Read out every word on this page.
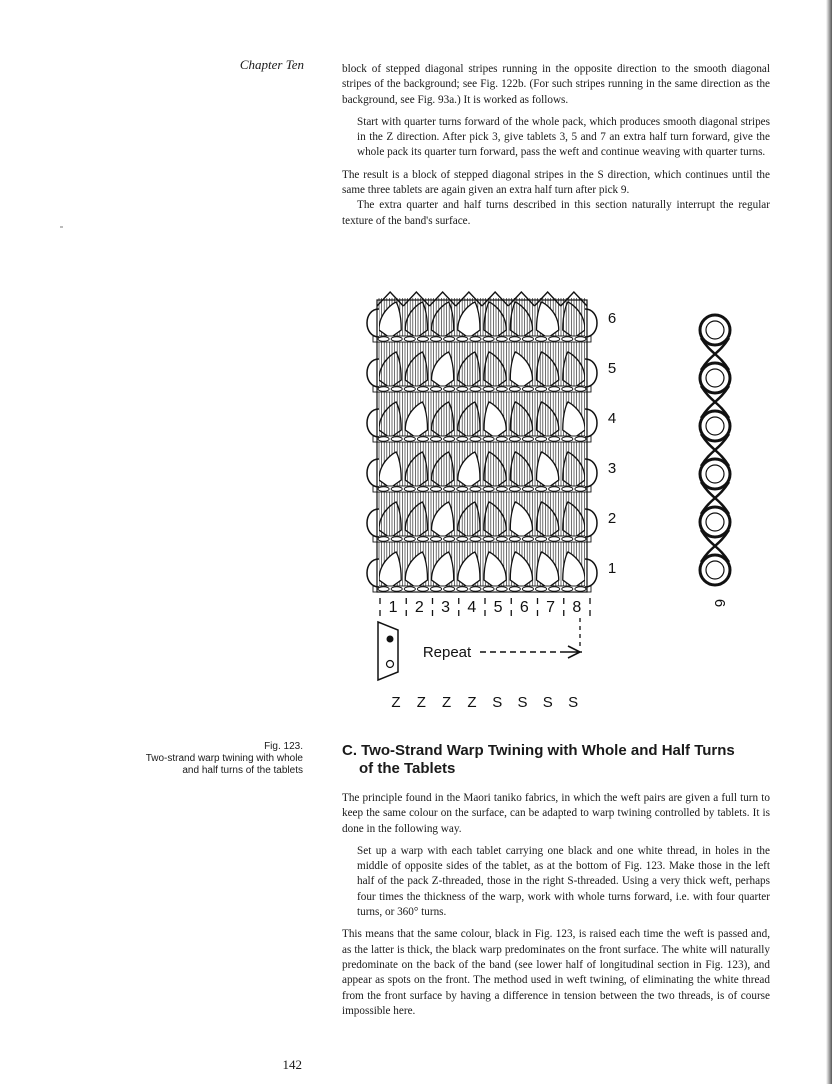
Chapter Ten	block of stepped diagonal stripes running in the opposite direction to the smooth diagonal stripes of the background; see Fig. 122b. (For such stripes running in the same direction as the background, see Fig. 93a.) It is worked as follows.

Start with quarter turns forward of the whole pack, which produces smooth diagonal stripes in the Z direction. After pick 3, give tablets 3, 5 and 7 an extra half turn forward, give the whole pack its quarter turn forward, pass the weft and continue weaving with quarter turns.

The result is a block of stepped diagonal stripes in the S direction, which continues until the same three tablets are again given an extra half turn after pick 9.

The extra quarter and half turns described in this section naturally interrupt the regular texture of the band's surface.

6
5
4
3
2
1
1 2 3 4 5 6 7 8
Repeat
Z Z Z Z S S S S
6
Fig. 123.
Two-strand warp twining with whole
and half turns of the tablets
C. Two-Strand Warp Twining with Whole and Half Turns
of the Tablets

The principle found in the Maori taniko fabrics, in which the weft pairs are given a full turn to keep the same colour on the surface, can be adapted to warp twining controlled by tablets. It is done in the following way.

Set up a warp with each tablet carrying one black and one white thread, in holes in the middle of opposite sides of the tablet, as at the bottom of Fig. 123. Make those in the left half of the pack Z-threaded, those in the right S-threaded. Using a very thick weft, perhaps four times the thickness of the warp, work with whole turns forward, i.e. with four quarter turns, or 360° turns.

This means that the same colour, black in Fig. 123, is raised each time the weft is passed and, as the latter is thick, the black warp predominates on the front surface. The white will naturally predominate on the back of the band (see lower half of longitudinal section in Fig. 123), and appear as spots on the front. The method used in weft twining, of eliminating the white thread from the front surface by having a difference in tension between the two threads, is of course impossible here.

142
